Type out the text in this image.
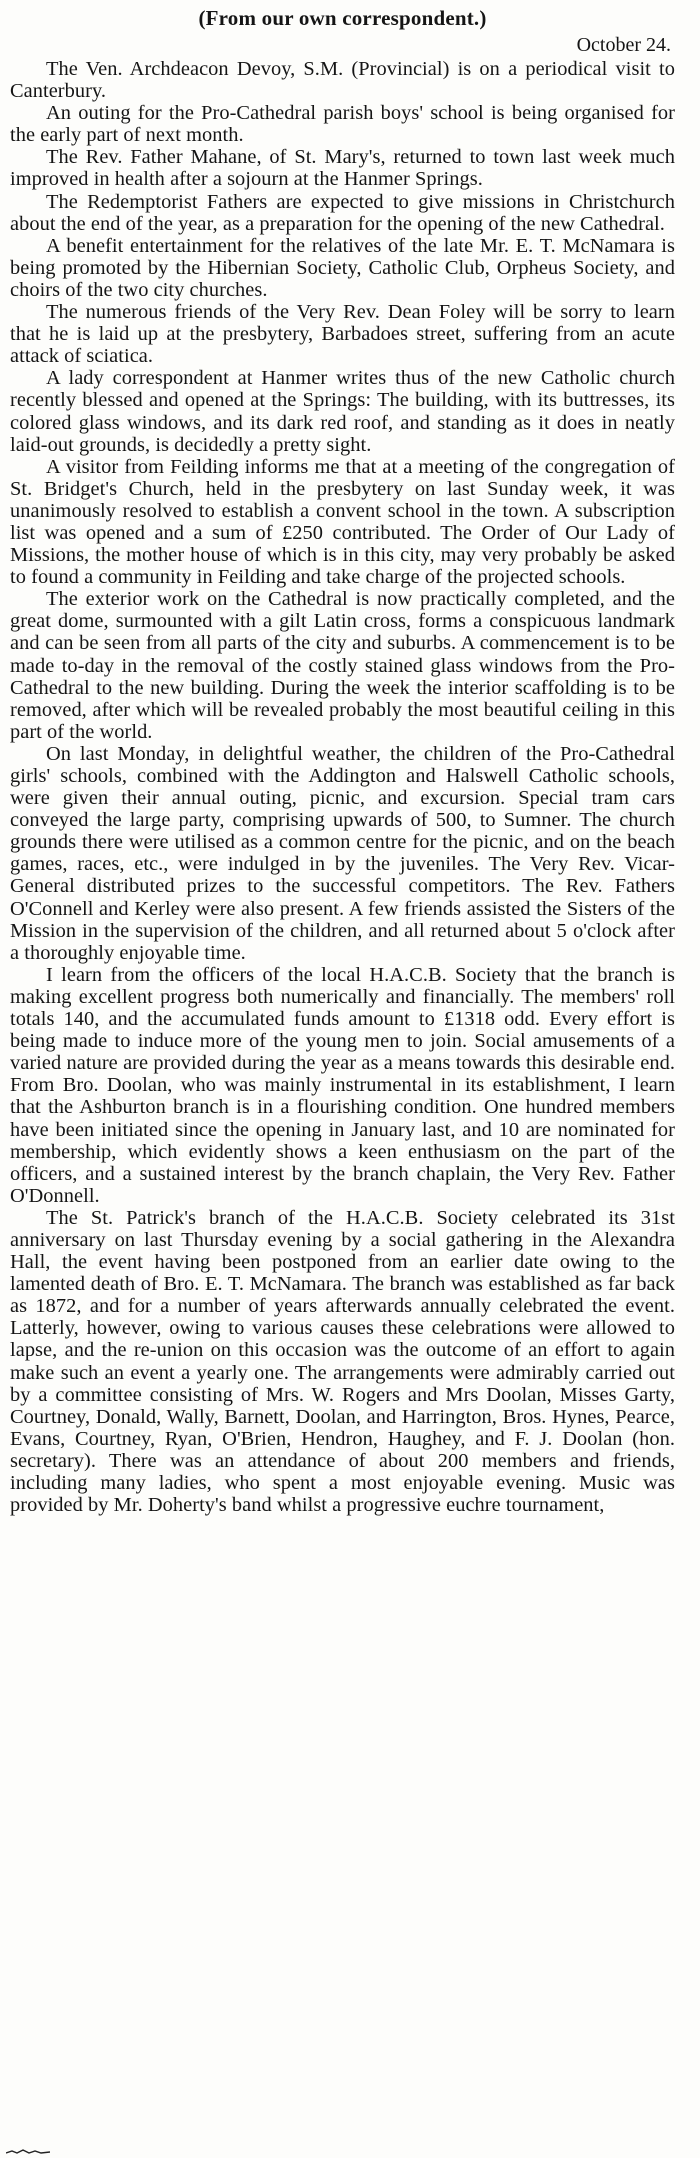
(From our own correspondent.)

October 24.

The Ven. Archdeacon Devoy, S.M. (Provincial) is on a periodical visit to Canterbury.

An outing for the Pro-Cathedral parish boys' school is being organised for the early part of next month.

The Rev. Father Mahane, of St. Mary's, returned to town last week much improved in health after a sojourn at the Hanmer Springs.

The Redemptorist Fathers are expected to give missions in Christchurch about the end of the year, as a preparation for the opening of the new Cathedral.

A benefit entertainment for the relatives of the late Mr. E. T. McNamara is being promoted by the Hibernian Society, Catholic Club, Orpheus Society, and choirs of the two city churches.

The numerous friends of the Very Rev. Dean Foley will be sorry to learn that he is laid up at the presbytery, Barbadoes street, suffering from an acute attack of sciatica.

A lady correspondent at Hanmer writes thus of the new Catholic church recently blessed and opened at the Springs: The building, with its buttresses, its colored glass windows, and its dark red roof, and standing as it does in neatly laid-out grounds, is decidedly a pretty sight.

A visitor from Feilding informs me that at a meeting of the congregation of St. Bridget's Church, held in the presbytery on last Sunday week, it was unanimously resolved to establish a convent school in the town. A subscription list was opened and a sum of £250 contributed. The Order of Our Lady of Missions, the mother house of which is in this city, may very probably be asked to found a community in Feilding and take charge of the projected schools.

The exterior work on the Cathedral is now practically completed, and the great dome, surmounted with a gilt Latin cross, forms a conspicuous landmark and can be seen from all parts of the city and suburbs. A commencement is to be made to-day in the removal of the costly stained glass windows from the Pro-Cathedral to the new building. During the week the interior scaffolding is to be removed, after which will be revealed probably the most beautiful ceiling in this part of the world.

On last Monday, in delightful weather, the children of the Pro-Cathedral girls' schools, combined with the Addington and Halswell Catholic schools, were given their annual outing, picnic, and excursion. Special tram cars conveyed the large party, comprising upwards of 500, to Sumner. The church grounds there were utilised as a common centre for the picnic, and on the beach games, races, etc., were indulged in by the juveniles. The Very Rev. Vicar-General distributed prizes to the successful competitors. The Rev. Fathers O'Connell and Kerley were also present. A few friends assisted the Sisters of the Mission in the supervision of the children, and all returned about 5 o'clock after a thoroughly enjoyable time.

I learn from the officers of the local H.A.C.B. Society that the branch is making excellent progress both numerically and financially. The members' roll totals 140, and the accumulated funds amount to £1318 odd. Every effort is being made to induce more of the young men to join. Social amusements of a varied nature are provided during the year as a means towards this desirable end. From Bro. Doolan, who was mainly instrumental in its establishment, I learn that the Ashburton branch is in a flourishing condition. One hundred members have been initiated since the opening in January last, and 10 are nominated for membership, which evidently shows a keen enthusiasm on the part of the officers, and a sustained interest by the branch chaplain, the Very Rev. Father O'Donnell.

The St. Patrick's branch of the H.A.C.B. Society celebrated its 31st anniversary on last Thursday evening by a social gathering in the Alexandra Hall, the event having been postponed from an earlier date owing to the lamented death of Bro. E. T. McNamara. The branch was established as far back as 1872, and for a number of years afterwards annually celebrated the event. Latterly, however, owing to various causes these celebrations were allowed to lapse, and the re-union on this occasion was the outcome of an effort to again make such an event a yearly one. The arrangements were admirably carried out by a committee consisting of Mrs. W. Rogers and Mrs Doolan, Misses Garty, Courtney, Donald, Wally, Barnett, Doolan, and Harrington, Bros. Hynes, Pearce, Evans, Courtney, Ryan, O'Brien, Hendron, Haughey, and F. J. Doolan (hon. secretary). There was an attendance of about 200 members and friends, including many ladies, who spent a most enjoyable evening. Music was provided by Mr. Doherty's band whilst a progressive euchre tournament,
